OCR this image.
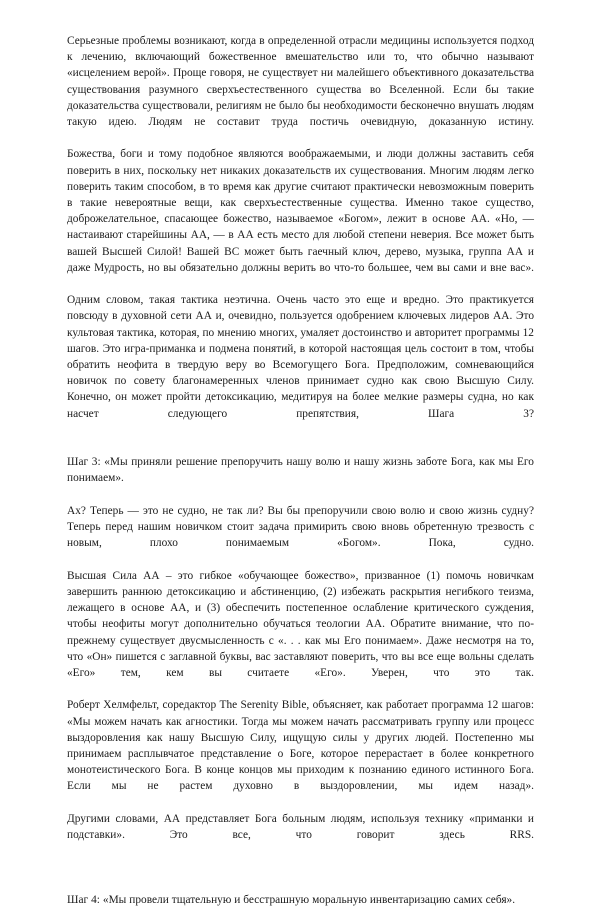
Серьезные проблемы возникают, когда в определенной отрасли медицины используется подход к лечению, включающий божественное вмешательство или то, что обычно называют «исцелением верой». Проще говоря, не существует ни малейшего объективного доказательства существования разумного сверхъестественного существа во Вселенной. Если бы такие доказательства существовали, религиям не было бы необходимости бесконечно внушать людям такую идею. Людям не составит труда постичь очевидную, доказанную истину.

Божества, боги и тому подобное являются воображаемыми, и люди должны заставить себя поверить в них, поскольку нет никаких доказательств их существования. Многим людям легко поверить таким способом, в то время как другие считают практически невозможным поверить в такие невероятные вещи, как сверхъестественные существа. Именно такое существо, доброжелательное, спасающее божество, называемое «Богом», лежит в основе АА. «Но, — настаивают старейшины АА, — в АА есть место для любой степени неверия. Все может быть вашей Высшей Силой! Вашей ВС может быть гаечный ключ, дерево, музыка, группа АА и даже Мудрость, но вы обязательно должны верить во что-то большее, чем вы сами и вне вас».

Одним словом, такая тактика неэтична. Очень часто это еще и вредно. Это практикуется повсюду в духовной сети АА и, очевидно, пользуется одобрением ключевых лидеров АА. Это культовая тактика, которая, по мнению многих, умаляет достоинство и авторитет программы 12 шагов. Это игра-приманка и подмена понятий, в которой настоящая цель состоит в том, чтобы обратить неофита в твердую веру во Всемогущего Бога. Предположим, сомневающийся новичок по совету благонамеренных членов принимает судно как свою Высшую Силу. Конечно, он может пройти детоксикацию, медитируя на более мелкие размеры судна, но как насчет следующего препятствия, Шага 3?

Шаг 3: «Мы приняли решение препоручить нашу волю и нашу жизнь заботе Бога, как мы Его понимаем».

Ах? Теперь — это не судно, не так ли? Вы бы препоручили свою волю и свою жизнь судну? Теперь перед нашим новичком стоит задача примирить свою вновь обретенную трезвость с новым, плохо понимаемым «Богом». Пока, судно.

Высшая Сила АА – это гибкое «обучающее божество», призванное (1) помочь новичкам завершить раннюю детоксикацию и абстиненцию, (2) избежать раскрытия негибкого теизма, лежащего в основе АА, и (3) обеспечить постепенное ослабление критического суждения, чтобы неофиты могут дополнительно обучаться теологии АА. Обратите внимание, что по-прежнему существует двусмысленность с «. . . как мы Его понимаем». Даже несмотря на то, что «Он» пишется с заглавной буквы, вас заставляют поверить, что вы все еще вольны сделать «Его» тем, кем вы считаете «Его». Уверен, что это так.

Роберт Хелмфельт, соредактор The Serenity Bible, объясняет, как работает программа 12 шагов: «Мы можем начать как агностики. Тогда мы можем начать рассматривать группу или процесс выздоровления как нашу Высшую Силу, ищущую силы у других людей. Постепенно мы принимаем расплывчатое представление о Боге, которое перерастает в более конкретного монотеистического Бога. В конце концов мы приходим к познанию единого истинного Бога. Если мы не растем духовно в выздоровлении, мы идем назад».

Другими словами, АА представляет Бога больным людям, используя технику «приманки и подставки». Это все, что говорит здесь RRS.

Шаг 4: «Мы провели тщательную и бесстрашную моральную инвентаризацию самих себя».
